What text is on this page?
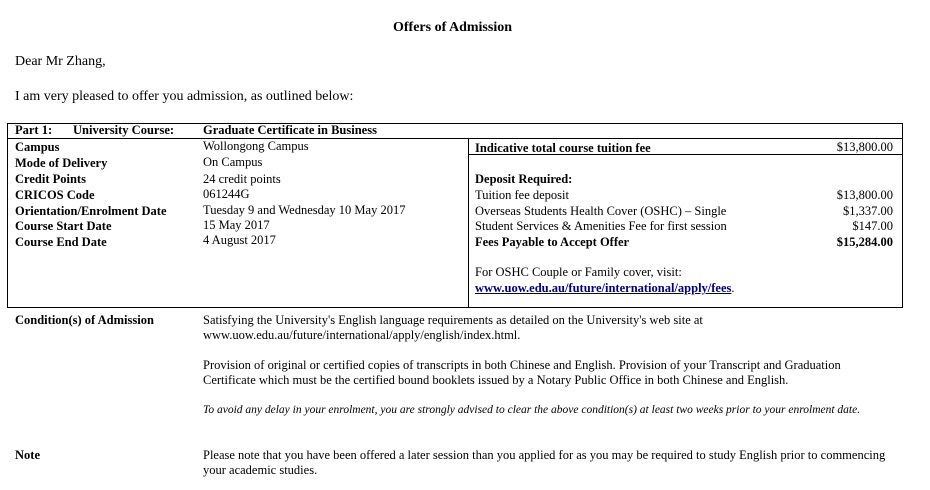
Offers of Admission
Dear Mr Zhang,
I am very pleased to offer you admission, as outlined below:
Part 1: University Course: Graduate Certificate in Business
Campus	Wollongong Campus
Mode of Delivery	On Campus
Credit Points	24 credit points
CRICOS Code	061244G
Orientation/Enrolment Date	Tuesday 9 and Wednesday 10 May 2017
Course Start Date	15 May 2017
Course End Date	4 August 2017
Indicative total course tuition fee	$13,800.00
Deposit Required:
Tuition fee deposit	$13,800.00
Overseas Students Health Cover (OSHC) – Single	$1,337.00
Student Services & Amenities Fee for first session	$147.00
Fees Payable to Accept Offer	$15,284.00
For OSHC Couple or Family cover, visit:
www.uow.edu.au/future/international/apply/fees.
Condition(s) of Admission	Satisfying the University's English language requirements as detailed on the University's web site at www.uow.edu.au/future/international/apply/english/index.html.
Provision of original or certified copies of transcripts in both Chinese and English. Provision of your Transcript and Graduation Certificate which must be the certified bound booklets issued by a Notary Public Office in both Chinese and English.
To avoid any delay in your enrolment, you are strongly advised to clear the above condition(s) at least two weeks prior to your enrolment date.
Note	Please note that you have been offered a later session than you applied for as you may be required to study English prior to commencing your academic studies.
